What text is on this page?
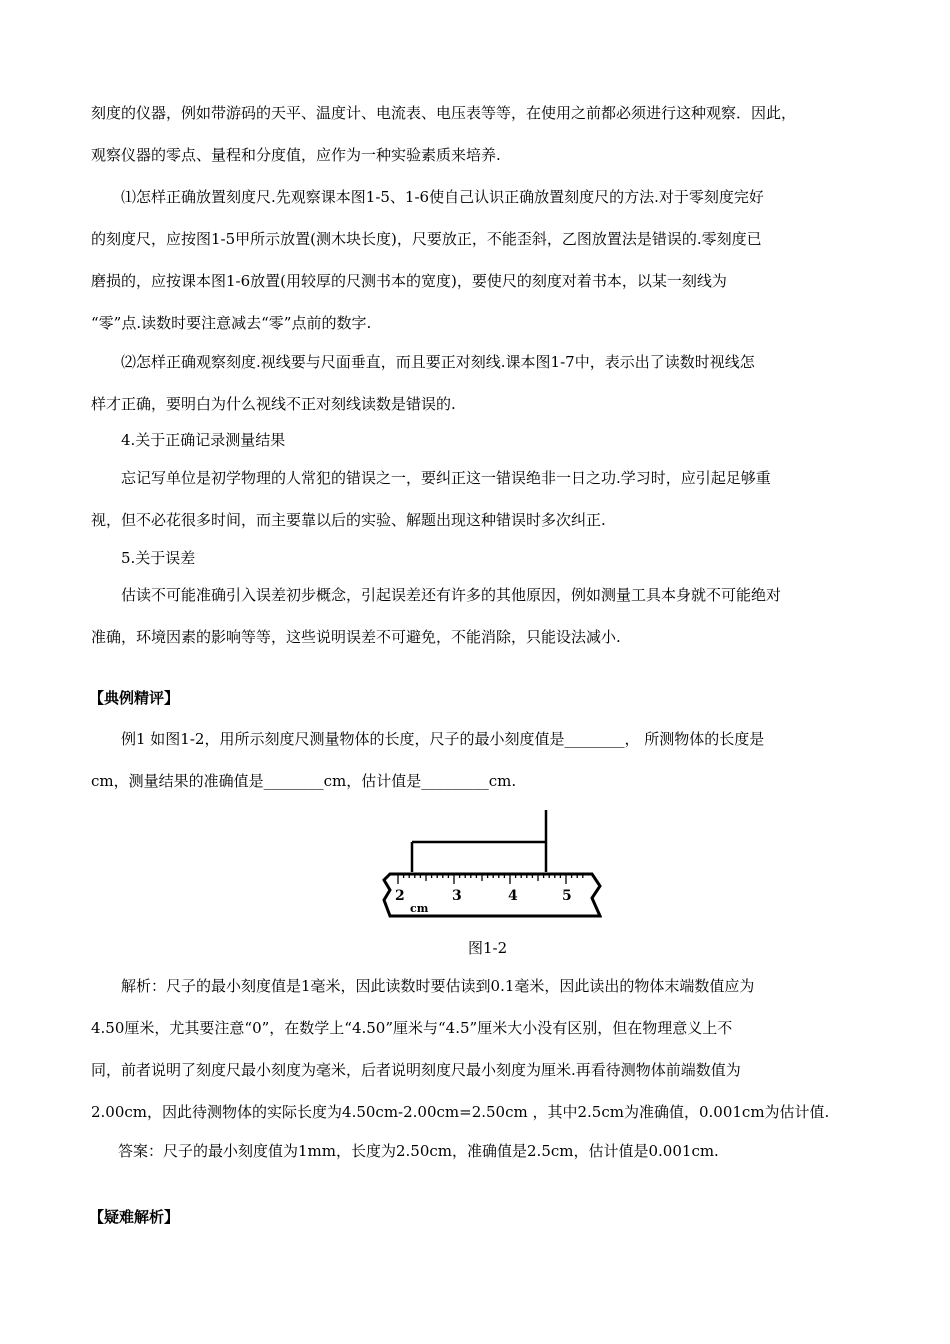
刻度的仪器，例如带游码的天平、温度计、电流表、电压表等等，在使用之前都必须进行这种观察．因此，
观察仪器的零点、量程和分度值，应作为一种实验素质来培养.
⑴怎样正确放置刻度尺.先观察课本图1-5、1-6使自己认识正确放置刻度尺的方法.对于零刻度完好
的刻度尺，应按图1-5甲所示放置(测木块长度)，尺要放正，不能歪斜，乙图放置法是错误的.零刻度已
磨损的，应按课本图1-6放置(用较厚的尺测书本的宽度)，要使尺的刻度对着书本，以某一刻线为
“零”点.读数时要注意减去“零”点前的数字.
⑵怎样正确观察刻度.视线要与尺面垂直，而且要正对刻线.课本图1-7中，表示出了读数时视线怎
样才正确，要明白为什么视线不正对刻线读数是错误的.
4.关于正确记录测量结果
忘记写单位是初学物理的人常犯的错误之一，要纠正这一错误绝非一日之功.学习时，应引起足够重
视，但不必花很多时间，而主要靠以后的实验、解题出现这种错误时多次纠正.
5.关于误差
估读不可能准确引入误差初步概念，引起误差还有许多的其他原因，例如测量工具本身就不可能绝对
准确，环境因素的影响等等，这些说明误差不可避免，不能消除，只能设法减小.
【典例精评】
例1 如图1-2，用所示刻度尺测量物体的长度，尺子的最小刻度值是________， 所测物体的长度是
cm，测量结果的准确值是________cm，估计值是_________cm.
2	3	4	5
cm
图1-2
解析：尺子的最小刻度值是1毫米，因此读数时要估读到0.1毫米，因此读出的物体末端数值应为
4.50厘米，尤其要注意“0”，在数学上“4.50”厘米与“4.5”厘米大小没有区别，但在物理意义上不
同，前者说明了刻度尺最小刻度为毫米，后者说明刻度尺最小刻度为厘米.再看待测物体前端数值为
2.00cm，因此待测物体的实际长度为4.50cm-2.00cm=2.50cm ，其中2.5cm为准确值，0.001cm为估计值.
答案：尺子的最小刻度值为1mm，长度为2.50cm，准确值是2.5cm，估计值是0.001cm.
【疑难解析】
